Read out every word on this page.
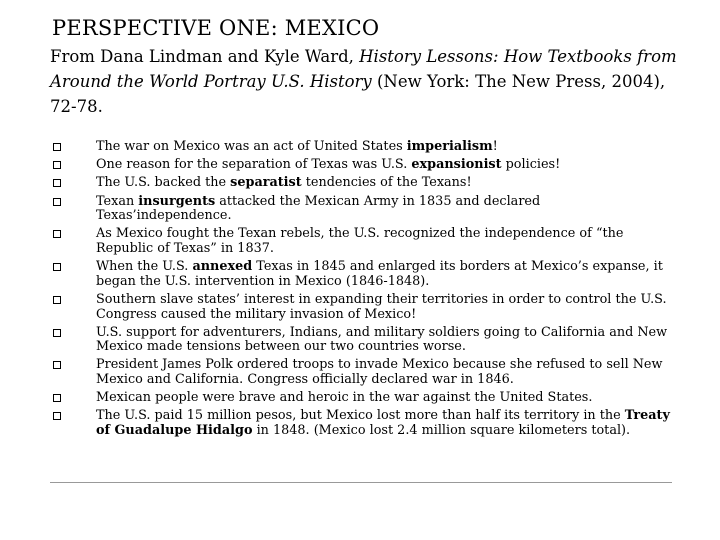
PERSPECTIVE ONE: MEXICO

From Dana Lindman and Kyle Ward, History Lessons: How Textbooks from Around the World Portray U.S. History (New York: The New Press, 2004), 72-78.

The war on Mexico was an act of United States imperialism!
One reason for the separation of Texas was U.S. expansionist policies!
The U.S. backed the separatist tendencies of the Texans!
Texan insurgents attacked the Mexican Army in 1835 and declared Texas’independence.
As Mexico fought the Texan rebels, the U.S. recognized the independence of “the Republic of Texas” in 1837.
When the U.S. annexed Texas in 1845 and enlarged its borders at Mexico’s expanse, it began the U.S. intervention in Mexico (1846-1848).
Southern slave states’ interest in expanding their territories in order to control the U.S. Congress caused the military invasion of Mexico!
U.S. support for adventurers, Indians, and military soldiers going to California and New Mexico made tensions between our two countries worse.
President James Polk ordered troops to invade Mexico because she refused to sell New Mexico and California. Congress officially declared war in 1846.
Mexican people were brave and heroic in the war against the United States.
The U.S. paid 15 million pesos, but Mexico lost more than half its territory in the Treaty of Guadalupe Hidalgo in 1848. (Mexico lost 2.4 million square kilometers total).
